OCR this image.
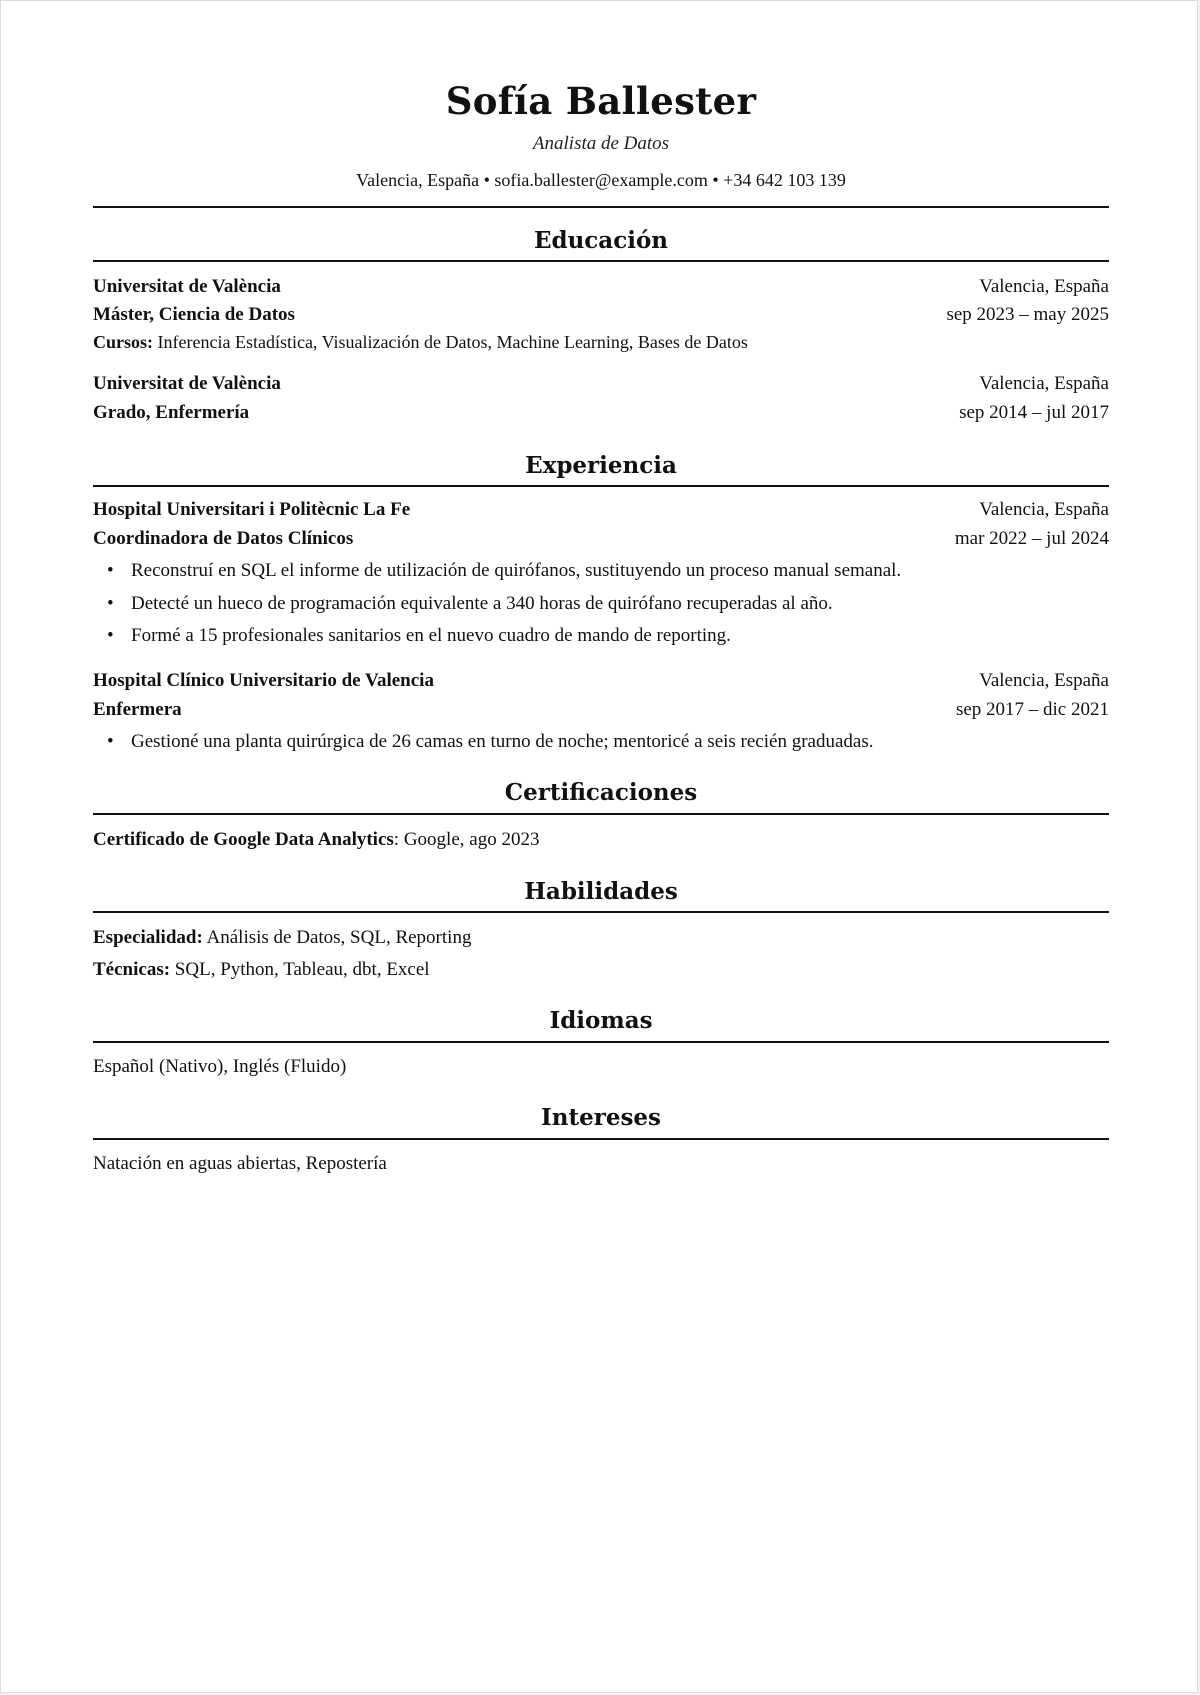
Sofía Ballester
Analista de Datos
Valencia, España • sofia.ballester@example.com • +34 642 103 139
Educación
Universitat de València	Valencia, España
Máster, Ciencia de Datos	sep 2023 – may 2025
Cursos: Inferencia Estadística, Visualización de Datos, Machine Learning, Bases de Datos
Universitat de València	Valencia, España
Grado, Enfermería	sep 2014 – jul 2017
Experiencia
Hospital Universitari i Politècnic La Fe	Valencia, España
Coordinadora de Datos Clínicos	mar 2022 – jul 2024
• Reconstruí en SQL el informe de utilización de quirófanos, sustituyendo un proceso manual semanal.
• Detecté un hueco de programación equivalente a 340 horas de quirófano recuperadas al año.
• Formé a 15 profesionales sanitarios en el nuevo cuadro de mando de reporting.
Hospital Clínico Universitario de Valencia	Valencia, España
Enfermera	sep 2017 – dic 2021
• Gestioné una planta quirúrgica de 26 camas en turno de noche; mentoricé a seis recién graduadas.
Certificaciones
Certificado de Google Data Analytics: Google, ago 2023
Habilidades
Especialidad: Análisis de Datos, SQL, Reporting
Técnicas: SQL, Python, Tableau, dbt, Excel
Idiomas
Español (Nativo), Inglés (Fluido)
Intereses
Natación en aguas abiertas, Repostería
